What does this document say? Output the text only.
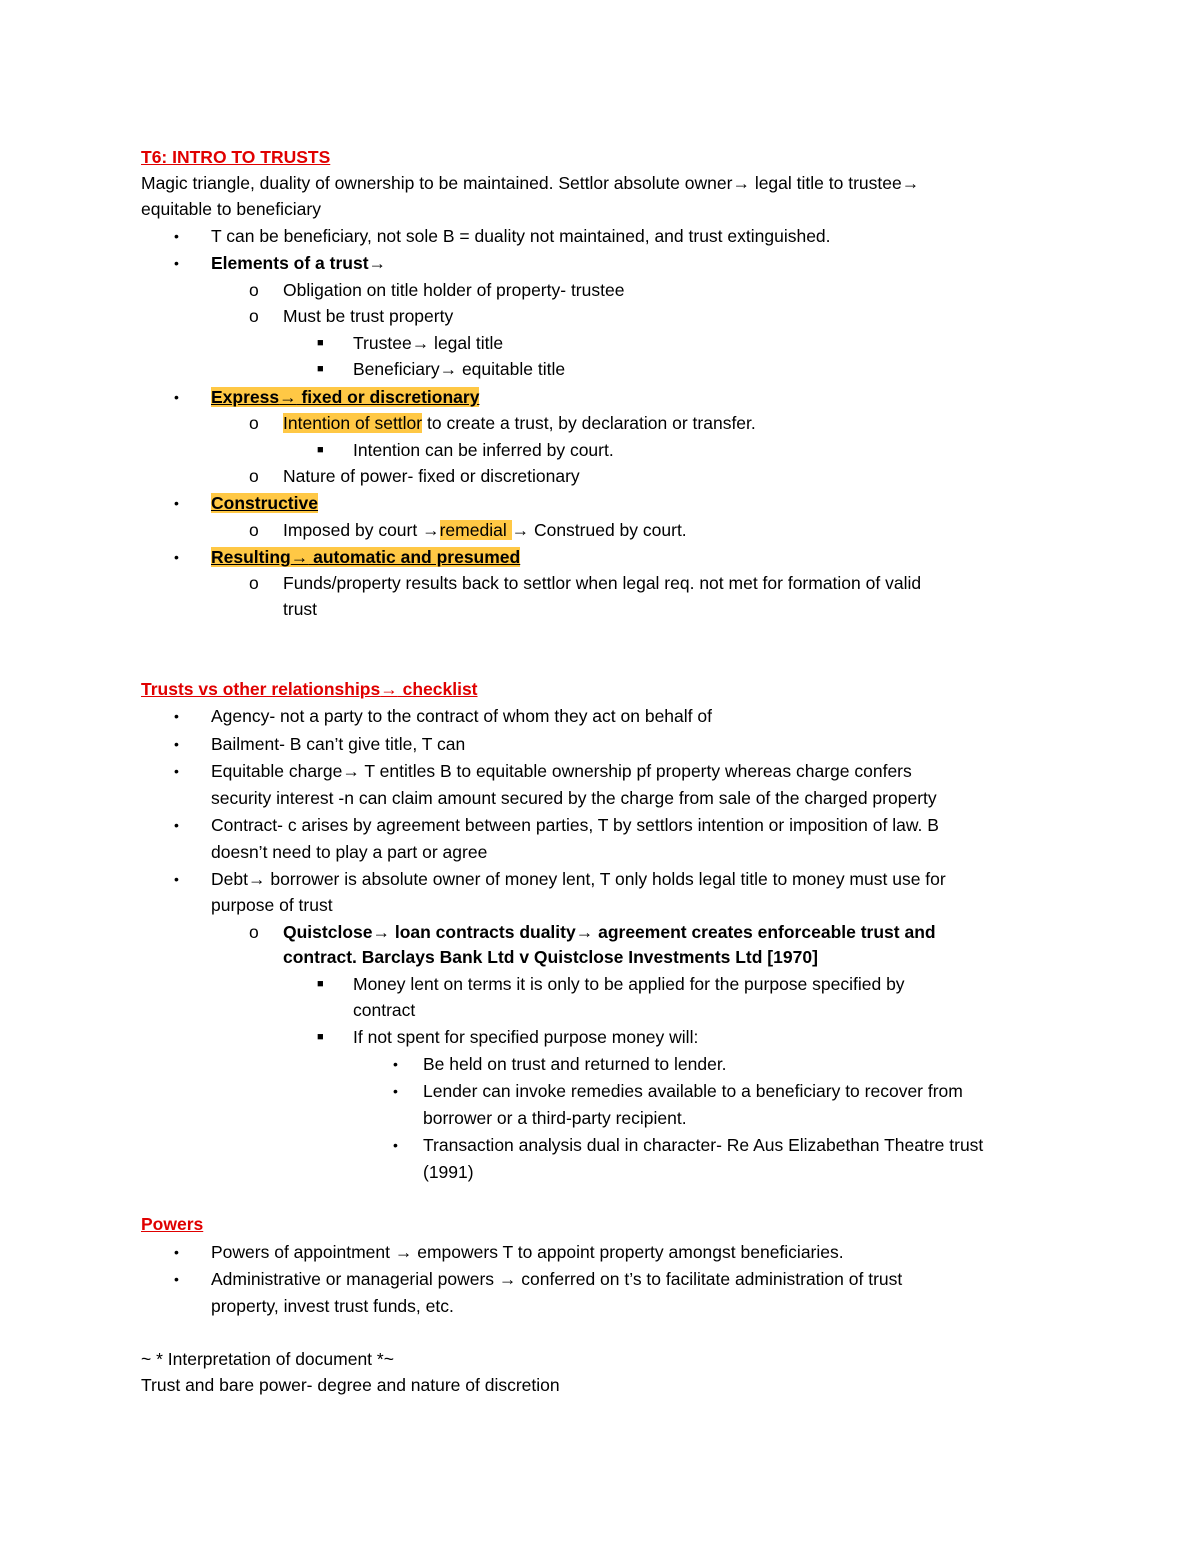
T6: INTRO TO TRUSTS
Magic triangle, duality of ownership to be maintained. Settlor absolute owner→ legal title to trustee→
equitable to beneficiary
• T can be beneficiary, not sole B = duality not maintained, and trust extinguished.
• Elements of a trust→
o Obligation on title holder of property- trustee
o Must be trust property
■ Trustee→ legal title
■ Beneficiary→ equitable title
• Express→ fixed or discretionary
o Intention of settlor to create a trust, by declaration or transfer.
■ Intention can be inferred by court.
o Nature of power- fixed or discretionary
• Constructive
o Imposed by court →remedial → Construed by court.
• Resulting→ automatic and presumed
o Funds/property results back to settlor when legal req. not met for formation of valid
trust
Trusts vs other relationships→ checklist
• Agency- not a party to the contract of whom they act on behalf of
• Bailment- B can’t give title, T can
• Equitable charge→ T entitles B to equitable ownership pf property whereas charge confers
security interest -n can claim amount secured by the charge from sale of the charged property
• Contract- c arises by agreement between parties, T by settlors intention or imposition of law. B
doesn’t need to play a part or agree
• Debt→ borrower is absolute owner of money lent, T only holds legal title to money must use for
purpose of trust
o Quistclose→ loan contracts duality→ agreement creates enforceable trust and
contract. Barclays Bank Ltd v Quistclose Investments Ltd [1970]
■ Money lent on terms it is only to be applied for the purpose specified by
contract
■ If not spent for specified purpose money will:
• Be held on trust and returned to lender.
• Lender can invoke remedies available to a beneficiary to recover from
borrower or a third-party recipient.
• Transaction analysis dual in character- Re Aus Elizabethan Theatre trust
(1991)
Powers
• Powers of appointment → empowers T to appoint property amongst beneficiaries.
• Administrative or managerial powers → conferred on t’s to facilitate administration of trust
property, invest trust funds, etc.
~ * Interpretation of document *~
Trust and bare power- degree and nature of discretion
